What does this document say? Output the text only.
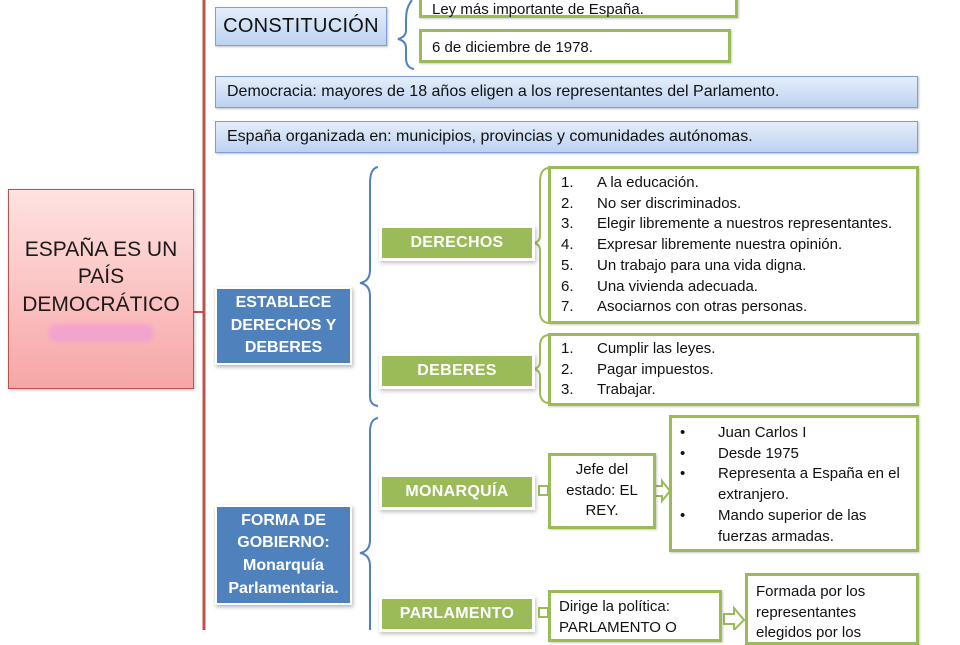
ESPAÑA ES UN
PAÍS
DEMOCRÁTICO
CONSTITUCIÓN
Ley más importante de España.
6 de diciembre de 1978.
Democracia: mayores de 18 años eligen a los representantes del Parlamento.
España organizada en: municipios, provincias y comunidades autónomas.
ESTABLECE
DERECHOS Y
DEBERES
DERECHOS
1.	A la educación.
2.	No ser discriminados.
3.	Elegir libremente a nuestros representantes.
4.	Expresar libremente nuestra opinión.
5.	Un trabajo para una vida digna.
6.	Una vivienda adecuada.
7.	Asociarnos con otras personas.
DEBERES
1.	Cumplir las leyes.
2.	Pagar impuestos.
3.	Trabajar.
FORMA DE
GOBIERNO:
Monarquía
Parlamentaria.
MONARQUÍA
Jefe del
estado: EL
REY.
•	Juan Carlos I
•	Desde 1975
•	Representa a España en el
extranjero.
•	Mando superior de las
fuerzas armadas.
PARLAMENTO	Dirige la política:
PARLAMENTO O
Formada por los
representantes
elegidos por los
